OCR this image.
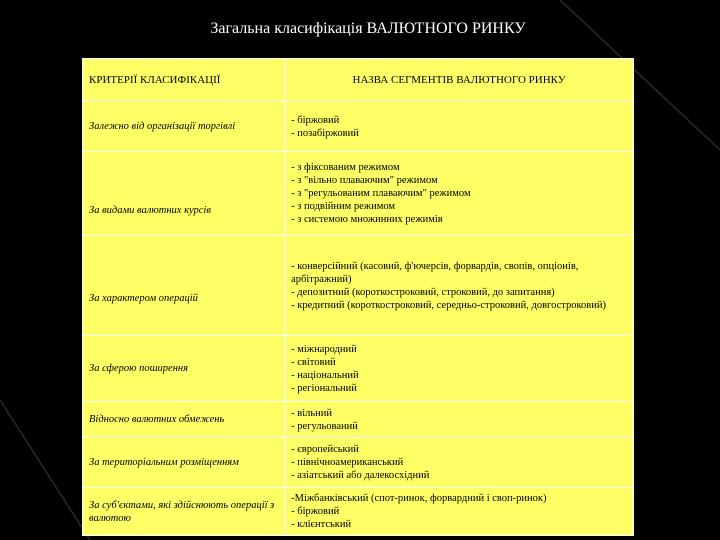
Загальна класифікація ВАЛЮТНОГО РИНКУ
КРИТЕРІЇ КЛАСИФІКАЦІЇ	НАЗВА СЕГМЕНТІВ ВАЛЮТНОГО РИНКУ
Залежно від організації торгівлі	- біржовий
- позабіржовий

За видами валютних курсів	- з фіксованим режимом
- з "вільно плаваючим" режимом
- з "регульованим плаваючим" режимом
- з подвійним режимом
- з системою множинних режимів

За характером операцій	- конверсійний (касовий, ф'ючерсів, форвардів, свопів, опціонів, арбітражний)
- депозитний (короткостроковий, строковий, до запитання)
- кредитний (короткостроковий, середньо-строковий, довгостроковий)

За сферою поширення	- міжнародний
- світовий
- національний
- регіональний

Відносно валютних обмежень	- вільний
- регульований

За територіальним розміщенням	- європейський
- північноамериканський
- азіатський або далекосхідний

За суб'єктами, які здійснюють операції з валютою	-Міжбанківський (спот-ринок, форвардний і своп-ринок)
- біржовий
- клієнтський
